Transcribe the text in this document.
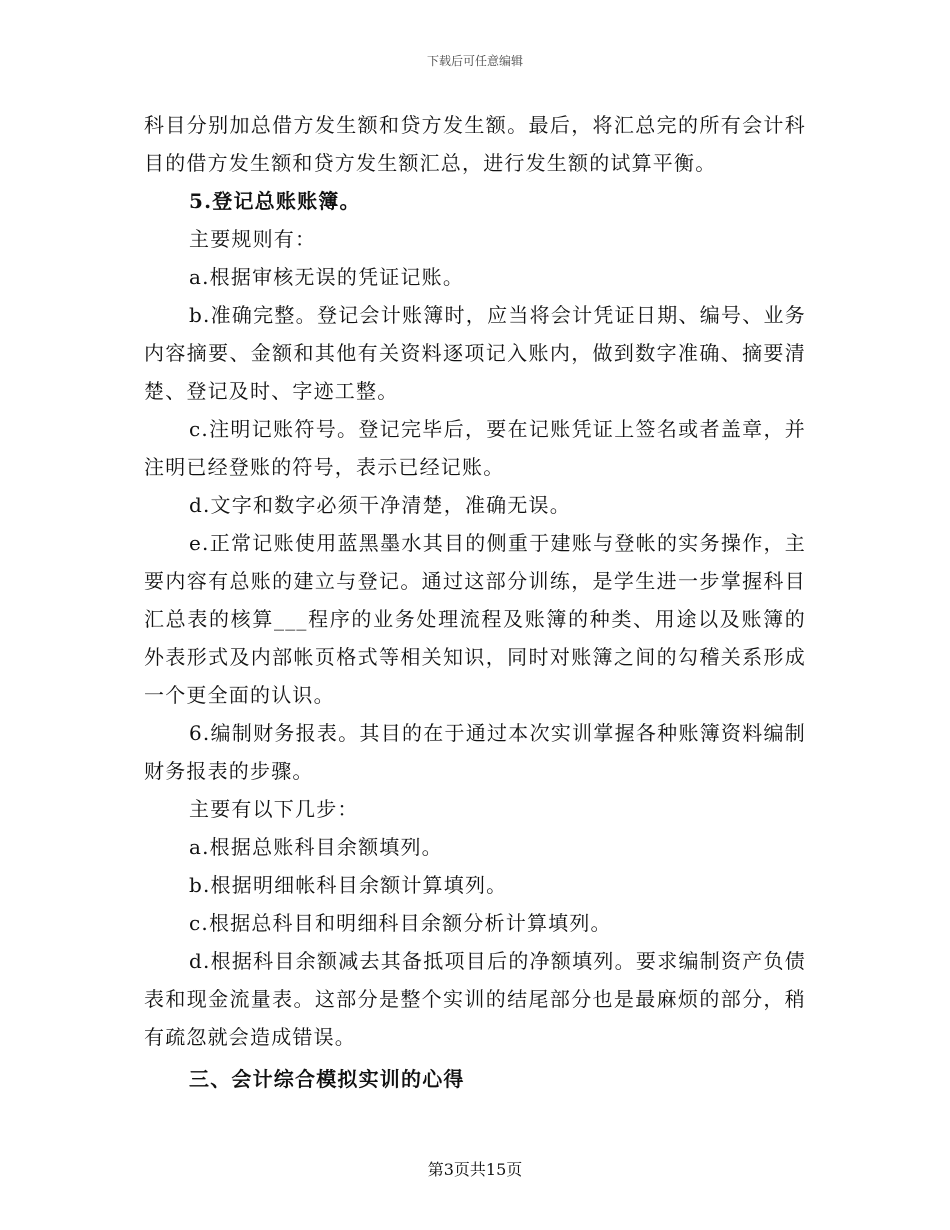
下载后可任意编辑

科目分别加总借方发生额和贷方发生额。最后，将汇总完的所有会计科目的借方发生额和贷方发生额汇总，进行发生额的试算平衡。

5.登记总账账簿。

主要规则有：

a.根据审核无误的凭证记账。

b.准确完整。登记会计账簿时，应当将会计凭证日期、编号、业务内容摘要、金额和其他有关资料逐项记入账内，做到数字准确、摘要清楚、登记及时、字迹工整。

c.注明记账符号。登记完毕后，要在记账凭证上签名或者盖章，并注明已经登账的符号，表示已经记账。

d.文字和数字必须干净清楚，准确无误。

e.正常记账使用蓝黑墨水其目的侧重于建账与登帐的实务操作，主要内容有总账的建立与登记。通过这部分训练，是学生进一步掌握科目汇总表的核算___程序的业务处理流程及账簿的种类、用途以及账簿的外表形式及内部帐页格式等相关知识，同时对账簿之间的勾稽关系形成一个更全面的认识。

6.编制财务报表。其目的在于通过本次实训掌握各种账簿资料编制财务报表的步骤。

主要有以下几步：

a.根据总账科目余额填列。

b.根据明细帐科目余额计算填列。

c.根据总科目和明细科目余额分析计算填列。

d.根据科目余额减去其备抵项目后的净额填列。要求编制资产负债表和现金流量表。这部分是整个实训的结尾部分也是最麻烦的部分，稍有疏忽就会造成错误。

三、会计综合模拟实训的心得

第3页共15页
